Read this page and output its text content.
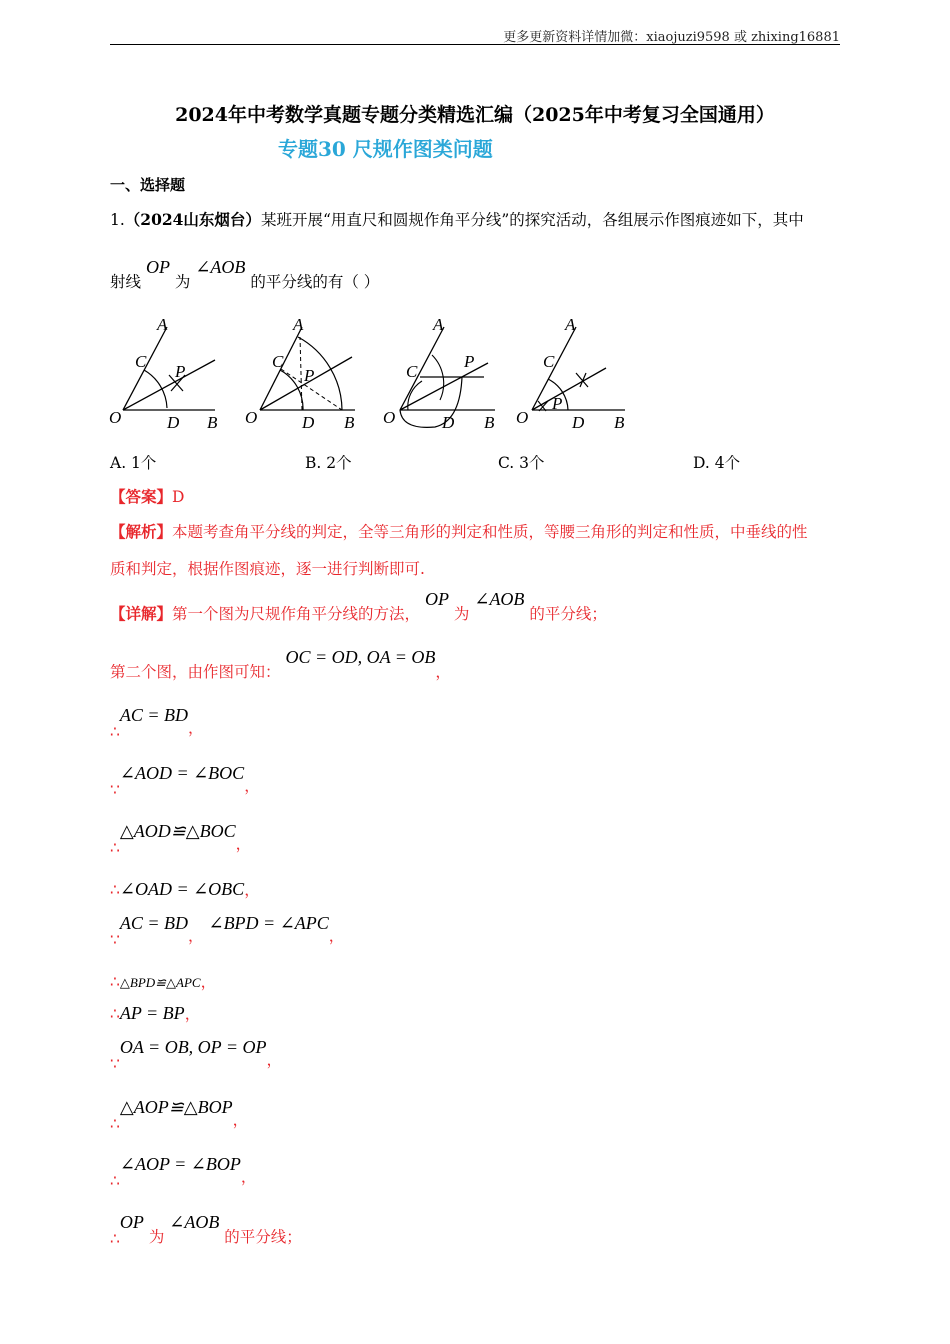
更多更新资料详情加微：xiaojuzi9598 或 zhixing16881
2024年中考数学真题专题分类精选汇编（2025年中考复习全国通用）
专题30 尺规作图类问题
一、选择题
1.（2024山东烟台）某班开展“用直尺和圆规作角平分线”的探究活动，各组展示作图痕迹如下，其中
射线 OP 为 ∠AOB 的平分线的有（ ）
A
C
P
O	D B
A
C
P
O	D B
A
C
P
O	D B
A
C
P
O	D B
A. 1个	B. 2个	C. 3个	D. 4个
【答案】D
【解析】本题考查角平分线的判定，全等三角形的判定和性质，等腰三角形的判定和性质，中垂线的性
质和判定，根据作图痕迹，逐一进行判断即可.
【详解】第一个图为尺规作角平分线的方法， OP 为 ∠AOB 的平分线；
第二个图，由作图可知： OC = OD, OA = OB，
∴AC = BD，
∵∠AOD = ∠BOC，
∴△AOD≌△BOC，
∴∠OAD = ∠OBC，
∵AC = BD， ∠BPD = ∠APC，
∴△BPD≌△APC，
∴AP = BP，
∵OA = OB, OP = OP，
∴△AOP≌△BOP，
∴∠AOP = ∠BOP，
∴OP 为 ∠AOB 的平分线；
